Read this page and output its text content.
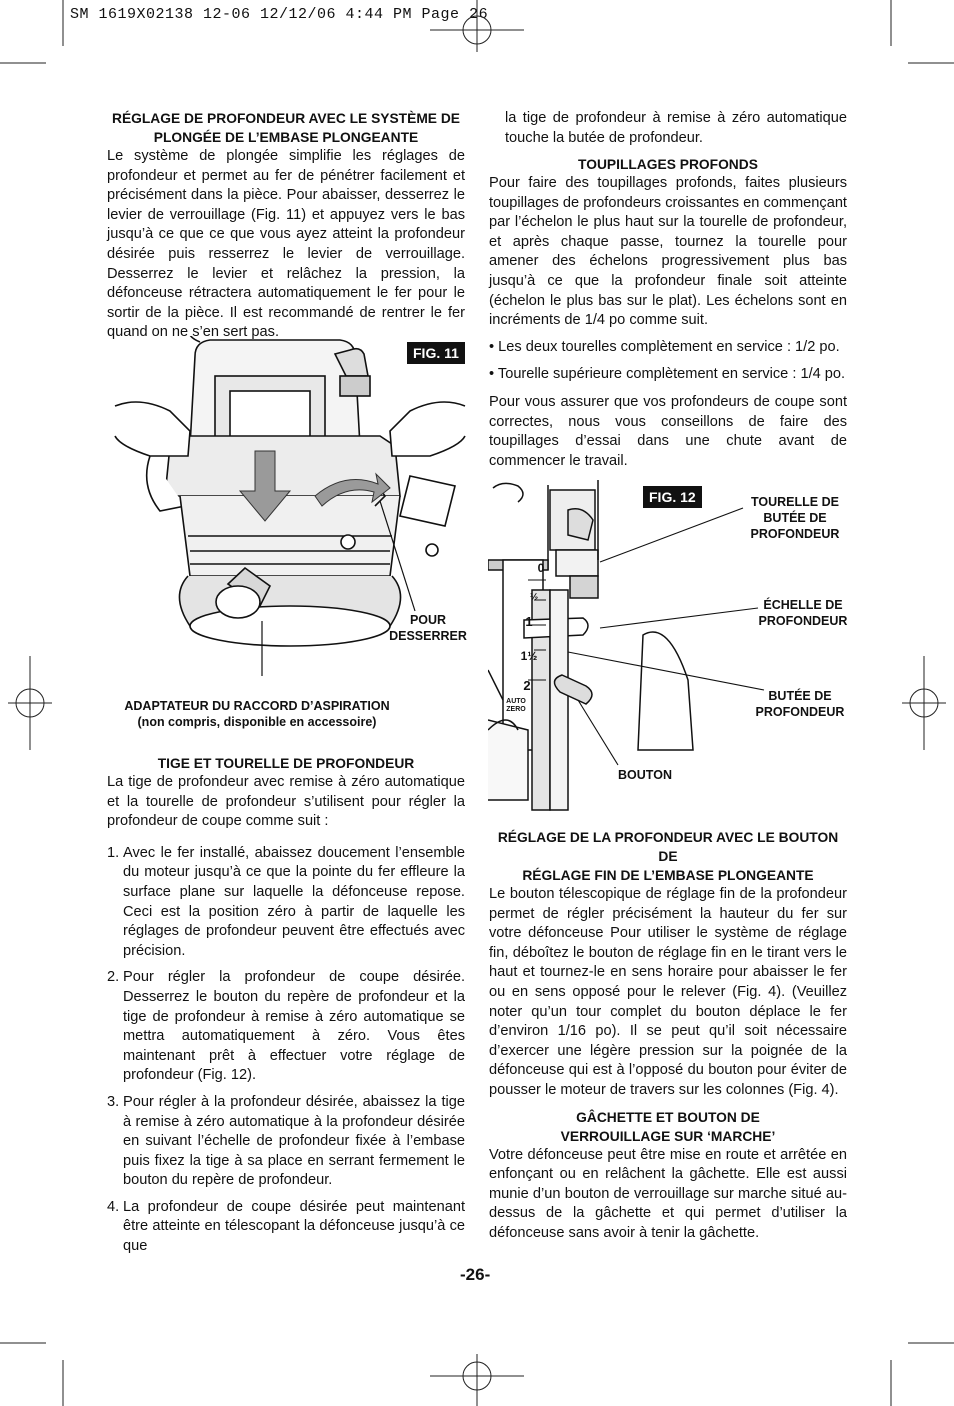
SM 1619X02138 12-06 12/12/06 4:44 PM Page 26

RÉGLAGE DE PROFONDEUR AVEC LE SYSTÈME DE
PLONGÉE DE L’EMBASE PLONGEANTE

Le système de plongée simplifie les réglages de profondeur et permet au fer de pénétrer facilement et précisément dans la pièce. Pour abaisser, desserrez le levier de verrouillage (Fig. 11) et appuyez vers le bas jusqu’à ce que ce que vous ayez atteint la profondeur désirée puis resserrez le levier de verrouillage. Desserrez le levier et relâchez la pression, la défonceuse rétractera automatiquement le fer pour le sortir de la pièce. Il est recommandé de rentrer le fer quand on ne s’en sert pas.

FIG. 11
POUR
DESSERRER
ADAPTATEUR DU RACCORD D’ASPIRATION
(non compris, disponible en accessoire)

TIGE ET TOURELLE DE PROFONDEUR

La tige de profondeur avec remise à zéro automatique et la tourelle de profondeur s’utilisent pour régler la profondeur de coupe comme suit :

1. Avec le fer installé, abaissez doucement l’ensemble du moteur jusqu’à ce que la pointe du fer effleure la surface plane sur laquelle la défonceuse repose. Ceci est la position zéro à partir de laquelle les réglages de profondeur peuvent être effectués avec précision.
2. Pour régler la profondeur de coupe désirée. Desserrez le bouton du repère de profondeur et la tige de profondeur à remise à zéro automatique se mettra automatiquement à zéro. Vous êtes maintenant prêt à effectuer votre réglage de profondeur (Fig. 12).
3. Pour régler à la profondeur désirée, abaissez la tige à remise à zéro automatique à la profondeur désirée en suivant l’échelle de profondeur fixée à l’embase puis fixez la tige à sa place en serrant fermement le bouton du repère de profondeur.
4. La profondeur de coupe désirée peut maintenant être atteinte en télescopant la défonceuse jusqu’à ce que

la tige de profondeur à remise à zéro automatique touche la butée de profondeur.

TOUPILLAGES PROFONDS

Pour faire des toupillages profonds, faites plusieurs toupillages de profondeurs croissantes en commençant par l’échelon le plus haut sur la tourelle de profondeur, et après chaque passe, tournez la tourelle pour amener des échelons progressivement plus bas jusqu’à ce que la profondeur finale soit atteinte (échelon le plus bas sur le plat). Les échelons sont en incréments de 1/4 po comme suit.

• Les deux tourelles complètement en service : 1/2 po.

• Tourelle supérieure complètement en service : 1/4 po.

Pour vous assurer que vos profondeurs de coupe sont correctes, nous vous conseillons de faire des toupillages d’essai dans une chute avant de commencer le travail.

FIG. 12
0
½
1
1½
2
AUTO
ZERO
TOURELLE DE
BUTÉE DE
PROFONDEUR
ÉCHELLE DE
PROFONDEUR
BUTÉE DE
PROFONDEUR
BOUTON

RÉGLAGE DE LA PROFONDEUR AVEC LE BOUTON DE
RÉGLAGE FIN DE L’EMBASE PLONGEANTE

Le bouton télescopique de réglage fin de la profondeur permet de régler précisément la hauteur du fer sur votre défonceuse Pour utiliser le système de réglage fin, déboîtez le bouton de réglage fin en le tirant vers le haut et tournez-le en sens horaire pour abaisser le fer ou en sens opposé pour le relever (Fig. 4). (Veuillez noter qu’un tour complet du bouton déplace le fer d’environ 1/16 po). Il se peut qu’il soit nécessaire d’exercer une légère pression sur la poignée de la défonceuse qui est à l’opposé du bouton pour éviter de pousser le moteur de travers sur les colonnes (Fig. 4).

GÂCHETTE ET BOUTON DE
VERROUILLAGE SUR ‘MARCHE’

Votre défonceuse peut être mise en route et arrêtée en enfonçant ou en relâchent la gâchette. Elle est aussi munie d’un bouton de verrouillage sur marche situé au-dessus de la gâchette et qui permet d’utiliser la défonceuse sans avoir à tenir la gâchette.

-26-
